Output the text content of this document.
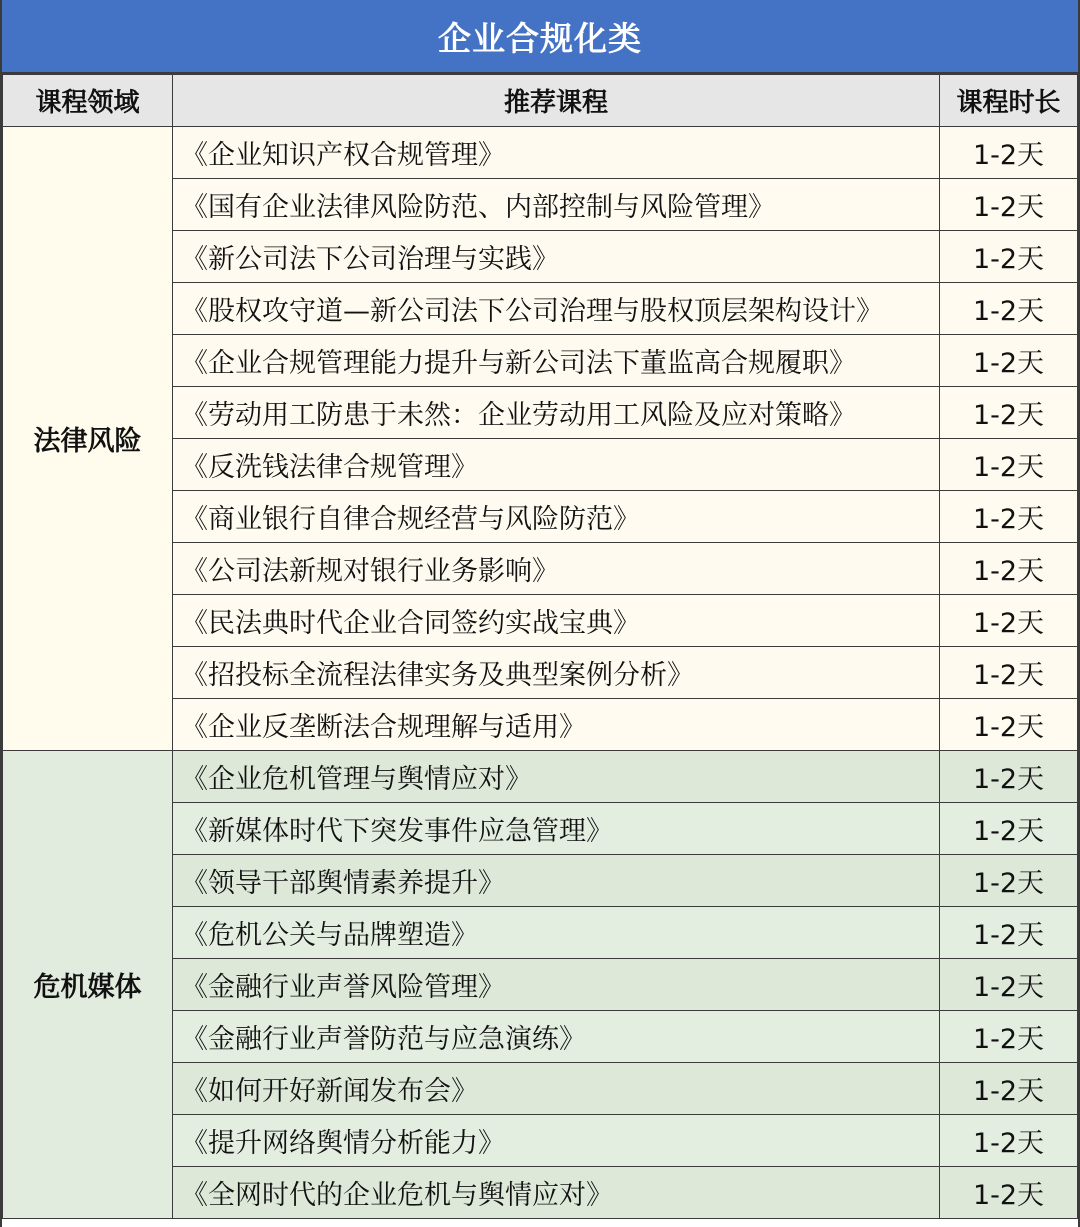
企业合规化类
课程领域	推荐课程	课程时长
法律风险	《企业知识产权合规管理》	1-2天
	《国有企业法律风险防范、内部控制与风险管理》	1-2天
	《新公司法下公司治理与实践》	1-2天
	《股权攻守道—新公司法下公司治理与股权顶层架构设计》	1-2天
	《企业合规管理能力提升与新公司法下董监高合规履职》	1-2天
	《劳动用工防患于未然：企业劳动用工风险及应对策略》	1-2天
	《反洗钱法律合规管理》	1-2天
	《商业银行自律合规经营与风险防范》	1-2天
	《公司法新规对银行业务影响》	1-2天
	《民法典时代企业合同签约实战宝典》	1-2天
	《招投标全流程法律实务及典型案例分析》	1-2天
	《企业反垄断法合规理解与适用》	1-2天
危机媒体	《企业危机管理与舆情应对》	1-2天
	《新媒体时代下突发事件应急管理》	1-2天
	《领导干部舆情素养提升》	1-2天
	《危机公关与品牌塑造》	1-2天
	《金融行业声誉风险管理》	1-2天
	《金融行业声誉防范与应急演练》	1-2天
	《如何开好新闻发布会》	1-2天
	《提升网络舆情分析能力》	1-2天
	《全网时代的企业危机与舆情应对》	1-2天
